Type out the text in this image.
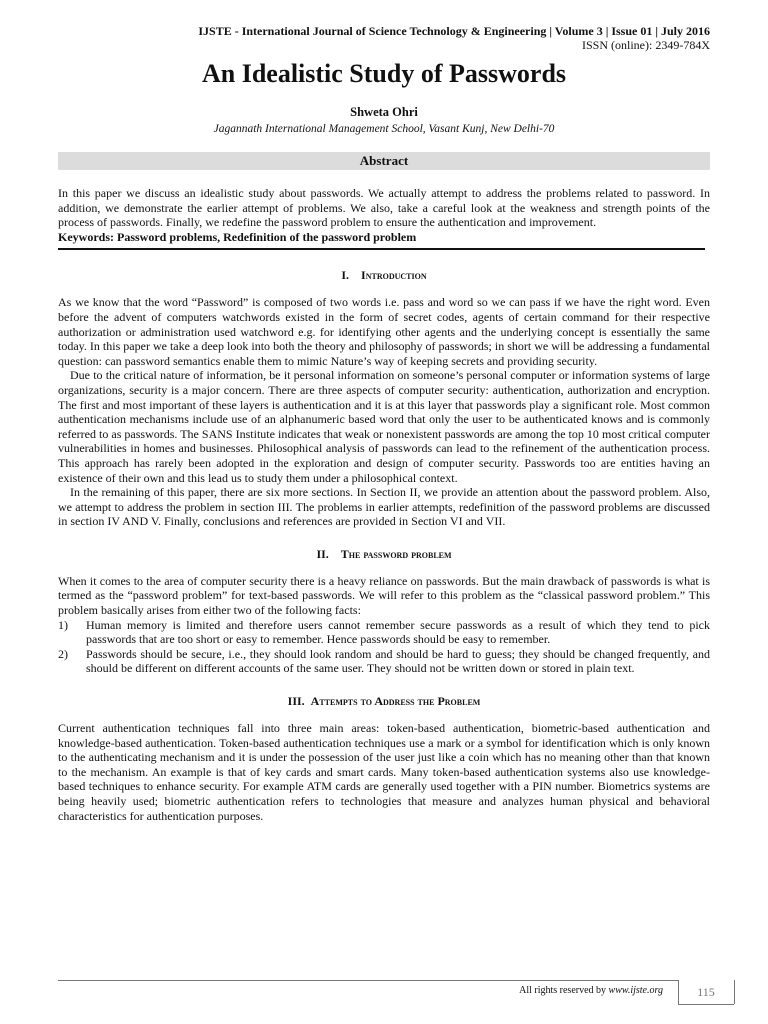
IJSTE - International Journal of Science Technology & Engineering | Volume 3 | Issue 01 | July 2016
ISSN (online): 2349-784X
An Idealistic Study of Passwords
Shweta Ohri
Jagannath International Management School, Vasant Kunj, New Delhi-70
Abstract

In this paper we discuss an idealistic study about passwords. We actually attempt to address the problems related to password. In addition, we demonstrate the earlier attempt of problems. We also, take a careful look at the weakness and strength points of the process of passwords. Finally, we redefine the password problem to ensure the authentication and improvement.

Keywords: Password problems, Redefinition of the password problem
I. Introduction

As we know that the word “Password” is composed of two words i.e. pass and word so we can pass if we have the right word. Even before the advent of computers watchwords existed in the form of secret codes, agents of certain command for their respective authorization or administration used watchword e.g. for identifying other agents and the underlying concept is essentially the same today. In this paper we take a deep look into both the theory and philosophy of passwords; in short we will be addressing a fundamental question: can password semantics enable them to mimic Nature’s way of keeping secrets and providing security.

Due to the critical nature of information, be it personal information on someone’s personal computer or information systems of large organizations, security is a major concern. There are three aspects of computer security: authentication, authorization and encryption. The first and most important of these layers is authentication and it is at this layer that passwords play a significant role. Most common authentication mechanisms include use of an alphanumeric based word that only the user to be authenticated knows and is commonly referred to as passwords. The SANS Institute indicates that weak or nonexistent passwords are among the top 10 most critical computer vulnerabilities in homes and businesses. Philosophical analysis of passwords can lead to the refinement of the authentication process. This approach has rarely been adopted in the exploration and design of computer security. Passwords too are entities having an existence of their own and this lead us to study them under a philosophical context.

In the remaining of this paper, there are six more sections. In Section II, we provide an attention about the password problem. Also, we attempt to address the problem in section III. The problems in earlier attempts, redefinition of the password problems are discussed in section IV AND V. Finally, conclusions and references are provided in Section VI and VII.

II. The password problem

When it comes to the area of computer security there is a heavy reliance on passwords. But the main drawback of passwords is what is termed as the “password problem” for text-based passwords. We will refer to this problem as the “classical password problem.” This problem basically arises from either two of the following facts:

1) Human memory is limited and therefore users cannot remember secure passwords as a result of which they tend to pick passwords that are too short or easy to remember. Hence passwords should be easy to remember.
2) Passwords should be secure, i.e., they should look random and should be hard to guess; they should be changed frequently, and should be different on different accounts of the same user. They should not be written down or stored in plain text.
III. Attempts to Address the Problem

Current authentication techniques fall into three main areas: token-based authentication, biometric-based authentication and knowledge-based authentication. Token-based authentication techniques use a mark or a symbol for identification which is only known to the authenticating mechanism and it is under the possession of the user just like a coin which has no meaning other than that known to the mechanism. An example is that of key cards and smart cards. Many token-based authentication systems also use knowledge-based techniques to enhance security. For example ATM cards are generally used together with a PIN number. Biometrics systems are being heavily used; biometric authentication refers to technologies that measure and analyzes human physical and behavioral characteristics for authentication purposes.

All rights reserved by www.ijste.org	115
